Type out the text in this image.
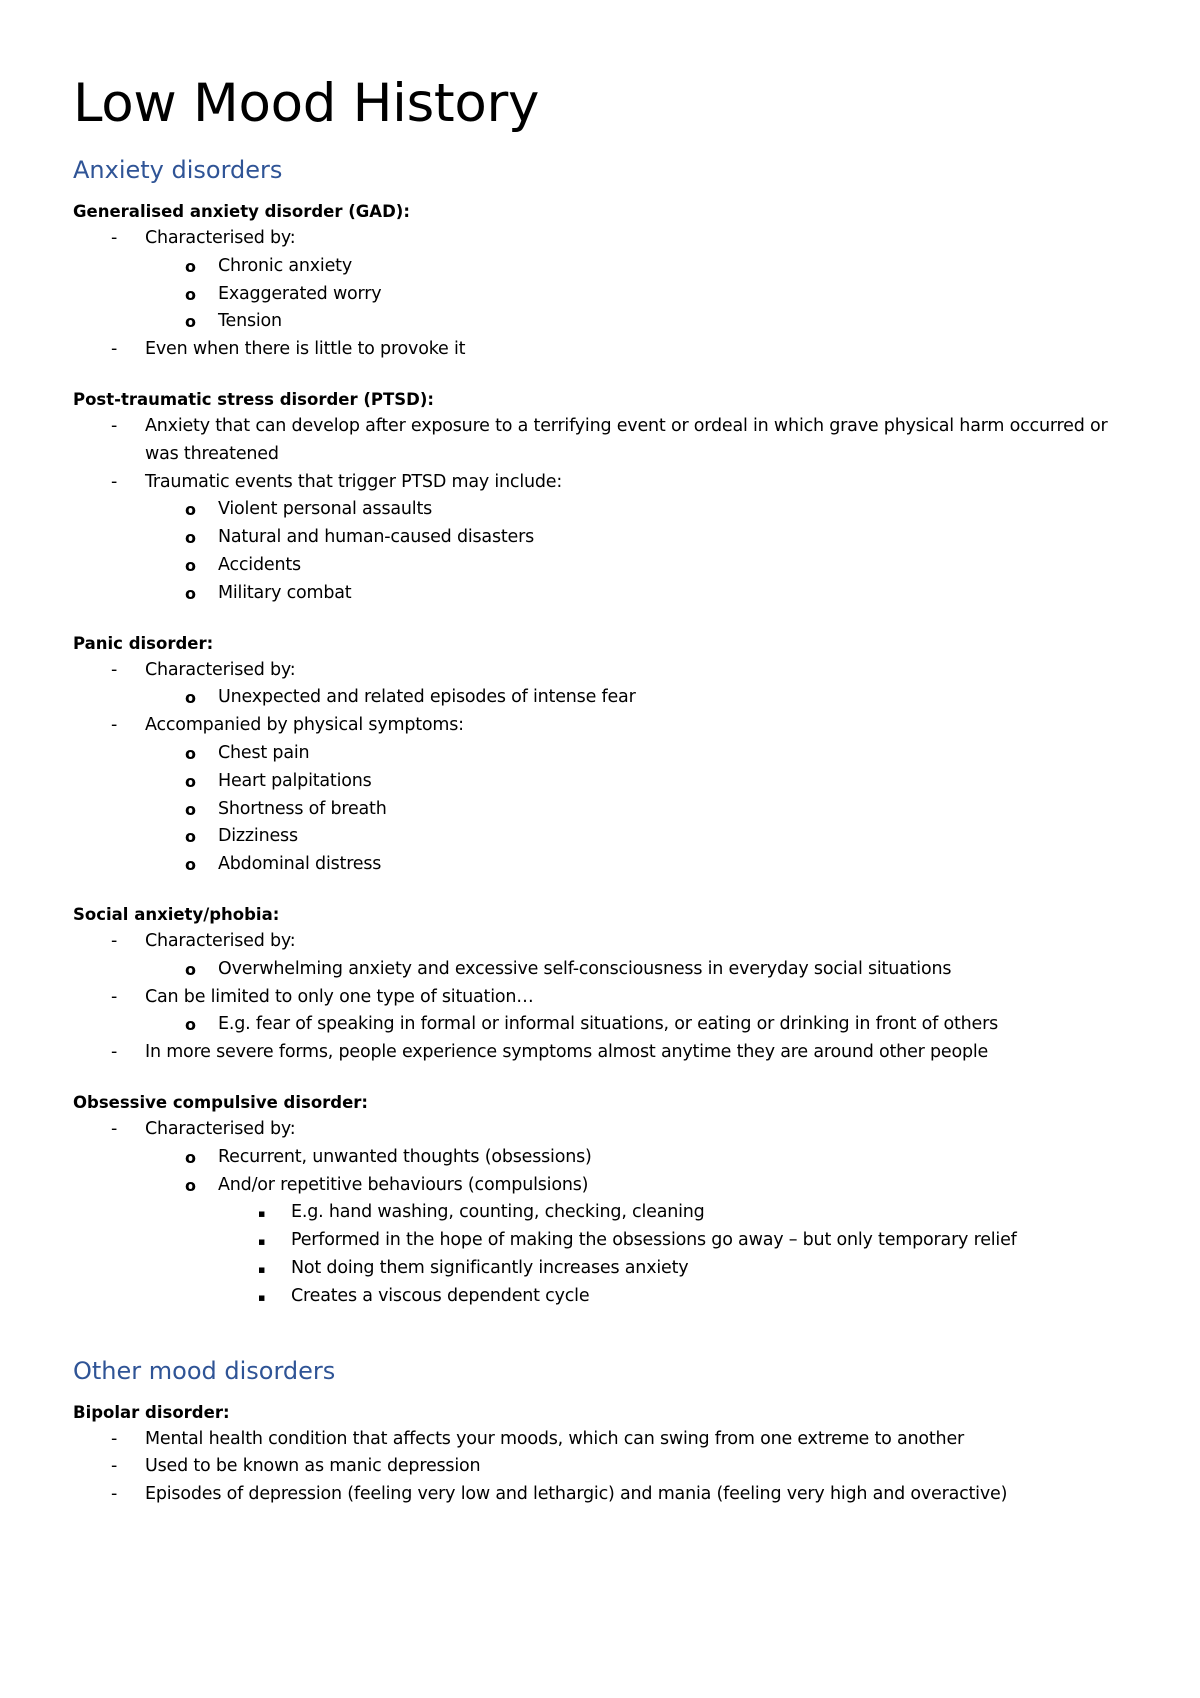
Low Mood History
Anxiety disorders
Generalised anxiety disorder (GAD):
- Characterised by:
o Chronic anxiety
o Exaggerated worry
o Tension
- Even when there is little to provoke it
Post-traumatic stress disorder (PTSD):
- Anxiety that can develop after exposure to a terrifying event or ordeal in which grave physical harm occurred or was threatened
- Traumatic events that trigger PTSD may include:
o Violent personal assaults
o Natural and human-caused disasters
o Accidents
o Military combat
Panic disorder:
- Characterised by:
o Unexpected and related episodes of intense fear
- Accompanied by physical symptoms:
o Chest pain
o Heart palpitations
o Shortness of breath
o Dizziness
o Abdominal distress
Social anxiety/phobia:
- Characterised by:
o Overwhelming anxiety and excessive self-consciousness in everyday social situations
- Can be limited to only one type of situation…
o E.g. fear of speaking in formal or informal situations, or eating or drinking in front of others
- In more severe forms, people experience symptoms almost anytime they are around other people
Obsessive compulsive disorder:
- Characterised by:
o Recurrent, unwanted thoughts (obsessions)
o And/or repetitive behaviours (compulsions)
▪ E.g. hand washing, counting, checking, cleaning
▪ Performed in the hope of making the obsessions go away – but only temporary relief
▪ Not doing them significantly increases anxiety
▪ Creates a viscous dependent cycle
Other mood disorders
Bipolar disorder:
- Mental health condition that affects your moods, which can swing from one extreme to another
- Used to be known as manic depression
- Episodes of depression (feeling very low and lethargic) and mania (feeling very high and overactive)
